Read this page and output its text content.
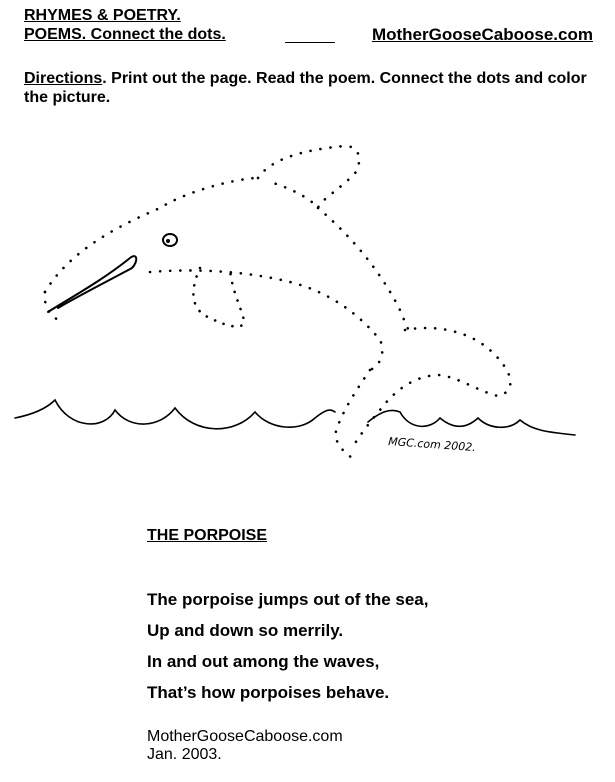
RHYMES & POETRY.
POEMS. Connect the dots.	MotherGooseCaboose.com
Directions. Print out the page. Read the poem. Connect the dots and color the picture.
MGC.com 2002.
THE PORPOISE
The porpoise jumps out of the sea,
Up and down so merrily.
In and out among the waves,
That’s how porpoises behave.
MotherGooseCaboose.com
Jan. 2003.
